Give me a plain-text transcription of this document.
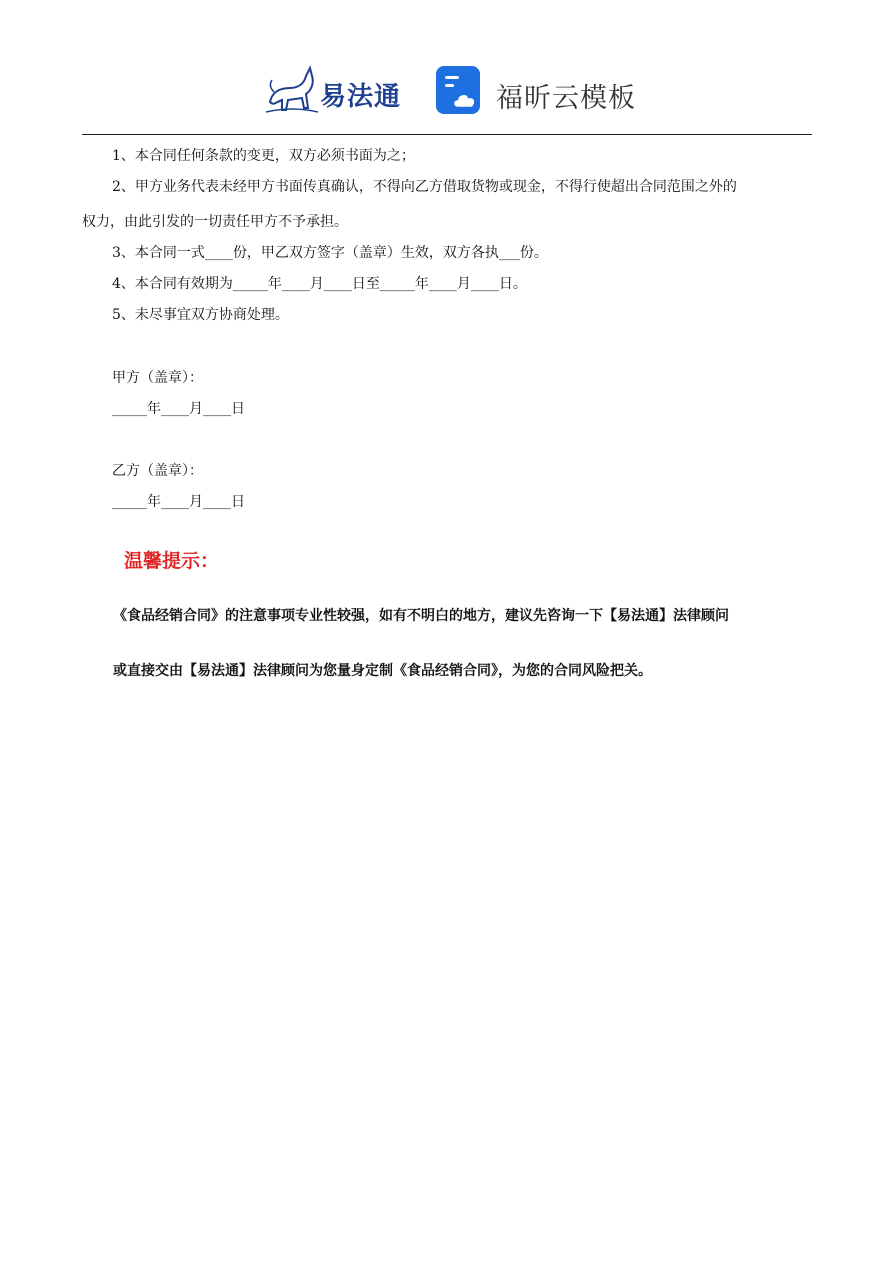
易法通	福昕云模板
1、本合同任何条款的变更，双方必须书面为之；
2、甲方业务代表未经甲方书面传真确认，不得向乙方借取货物或现金，不得行使超出合同范围之外的
权力，由此引发的一切责任甲方不予承担。
3、本合同一式____份，甲乙双方签字（盖章）生效，双方各执___份。
4、本合同有效期为_____年____月____日至_____年____月____日。
5、未尽事宜双方协商处理。
甲方（盖章）：
_____年____月____日
乙方（盖章）：
_____年____月____日
温馨提示：
《食品经销合同》的注意事项专业性较强，如有不明白的地方，建议先咨询一下【易法通】法律顾问
或直接交由【易法通】法律顾问为您量身定制《食品经销合同》，为您的合同风险把关。
